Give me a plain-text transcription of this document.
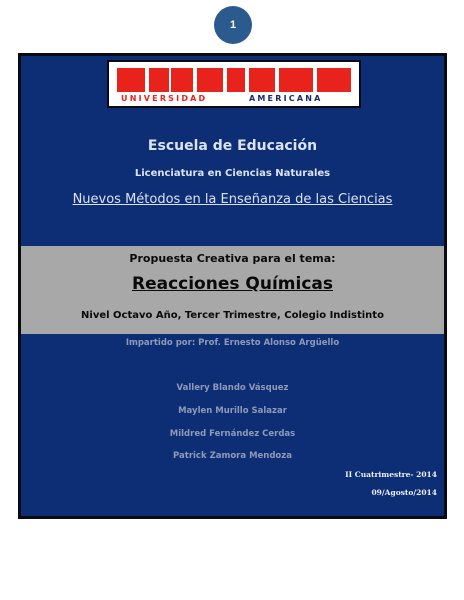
1
UNIVERSIDAD	AMERICANA
Escuela de Educación
Licenciatura en Ciencias Naturales
Nuevos Métodos en la Enseñanza de las Ciencias
Propuesta Creativa para el tema:
Reacciones Químicas
Nivel Octavo Año, Tercer Trimestre, Colegio Indistinto
Impartido por: Prof. Ernesto Alonso Argüello
Vallery Blando Vásquez
Maylen Murillo Salazar
Mildred Fernández Cerdas
Patrick Zamora Mendoza
II Cuatrimestre- 2014
09/Agosto/2014
